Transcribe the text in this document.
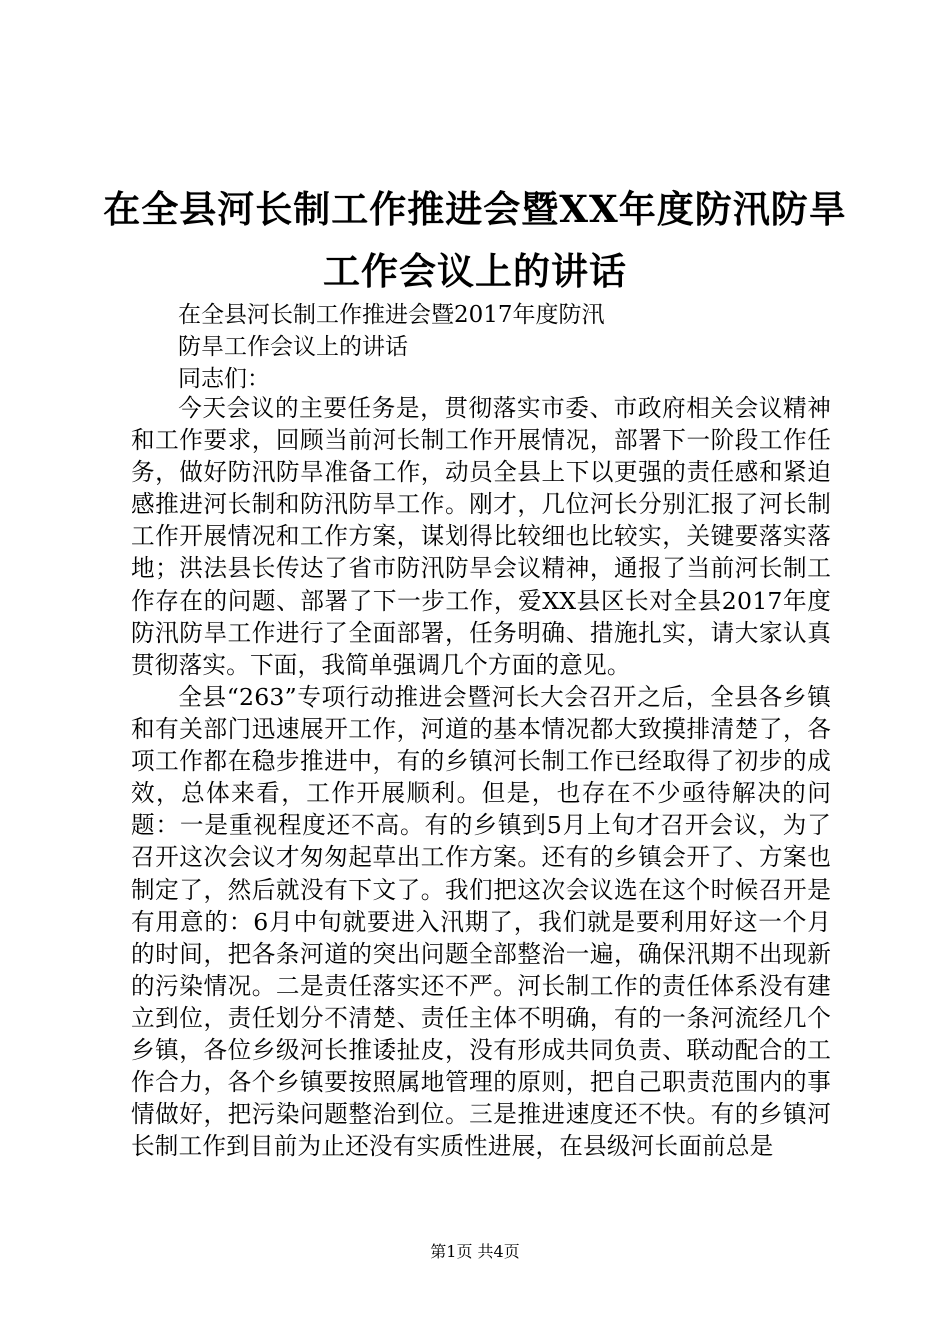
在全县河长制工作推进会暨XX年度防汛防旱
工作会议上的讲话
在全县河长制工作推进会暨2017年度防汛
防旱工作会议上的讲话
同志们：

今天会议的主要任务是，贯彻落实市委、市政府相关会议精神和工作要求，回顾当前河长制工作开展情况，部署下一阶段工作任务，做好防汛防旱准备工作，动员全县上下以更强的责任感和紧迫感推进河长制和防汛防旱工作。刚才，几位河长分别汇报了河长制工作开展情况和工作方案，谋划得比较细也比较实，关键要落实落地；洪法县长传达了省市防汛防旱会议精神，通报了当前河长制工作存在的问题、部署了下一步工作，爱XX县区长对全县2017年度防汛防旱工作进行了全面部署，任务明确、措施扎实，请大家认真贯彻落实。下面，我简单强调几个方面的意见。

全县“263”专项行动推进会暨河长大会召开之后，全县各乡镇和有关部门迅速展开工作，河道的基本情况都大致摸排清楚了，各项工作都在稳步推进中，有的乡镇河长制工作已经取得了初步的成效，总体来看，工作开展顺利。但是，也存在不少亟待解决的问题：一是重视程度还不高。有的乡镇到5月上旬才召开会议，为了召开这次会议才匆匆起草出工作方案。还有的乡镇会开了、方案也制定了，然后就没有下文了。我们把这次会议选在这个时候召开是有用意的：6月中旬就要进入汛期了，我们就是要利用好这一个月的时间，把各条河道的突出问题全部整治一遍，确保汛期不出现新的污染情况。二是责任落实还不严。河长制工作的责任体系没有建立到位，责任划分不清楚、责任主体不明确，有的一条河流经几个乡镇，各位乡级河长推诿扯皮，没有形成共同负责、联动配合的工作合力，各个乡镇要按照属地管理的原则，把自己职责范围内的事情做好，把污染问题整治到位。三是推进速度还不快。有的乡镇河长制工作到目前为止还没有实质性进展，在县级河长面前总是

第1页 共4页
